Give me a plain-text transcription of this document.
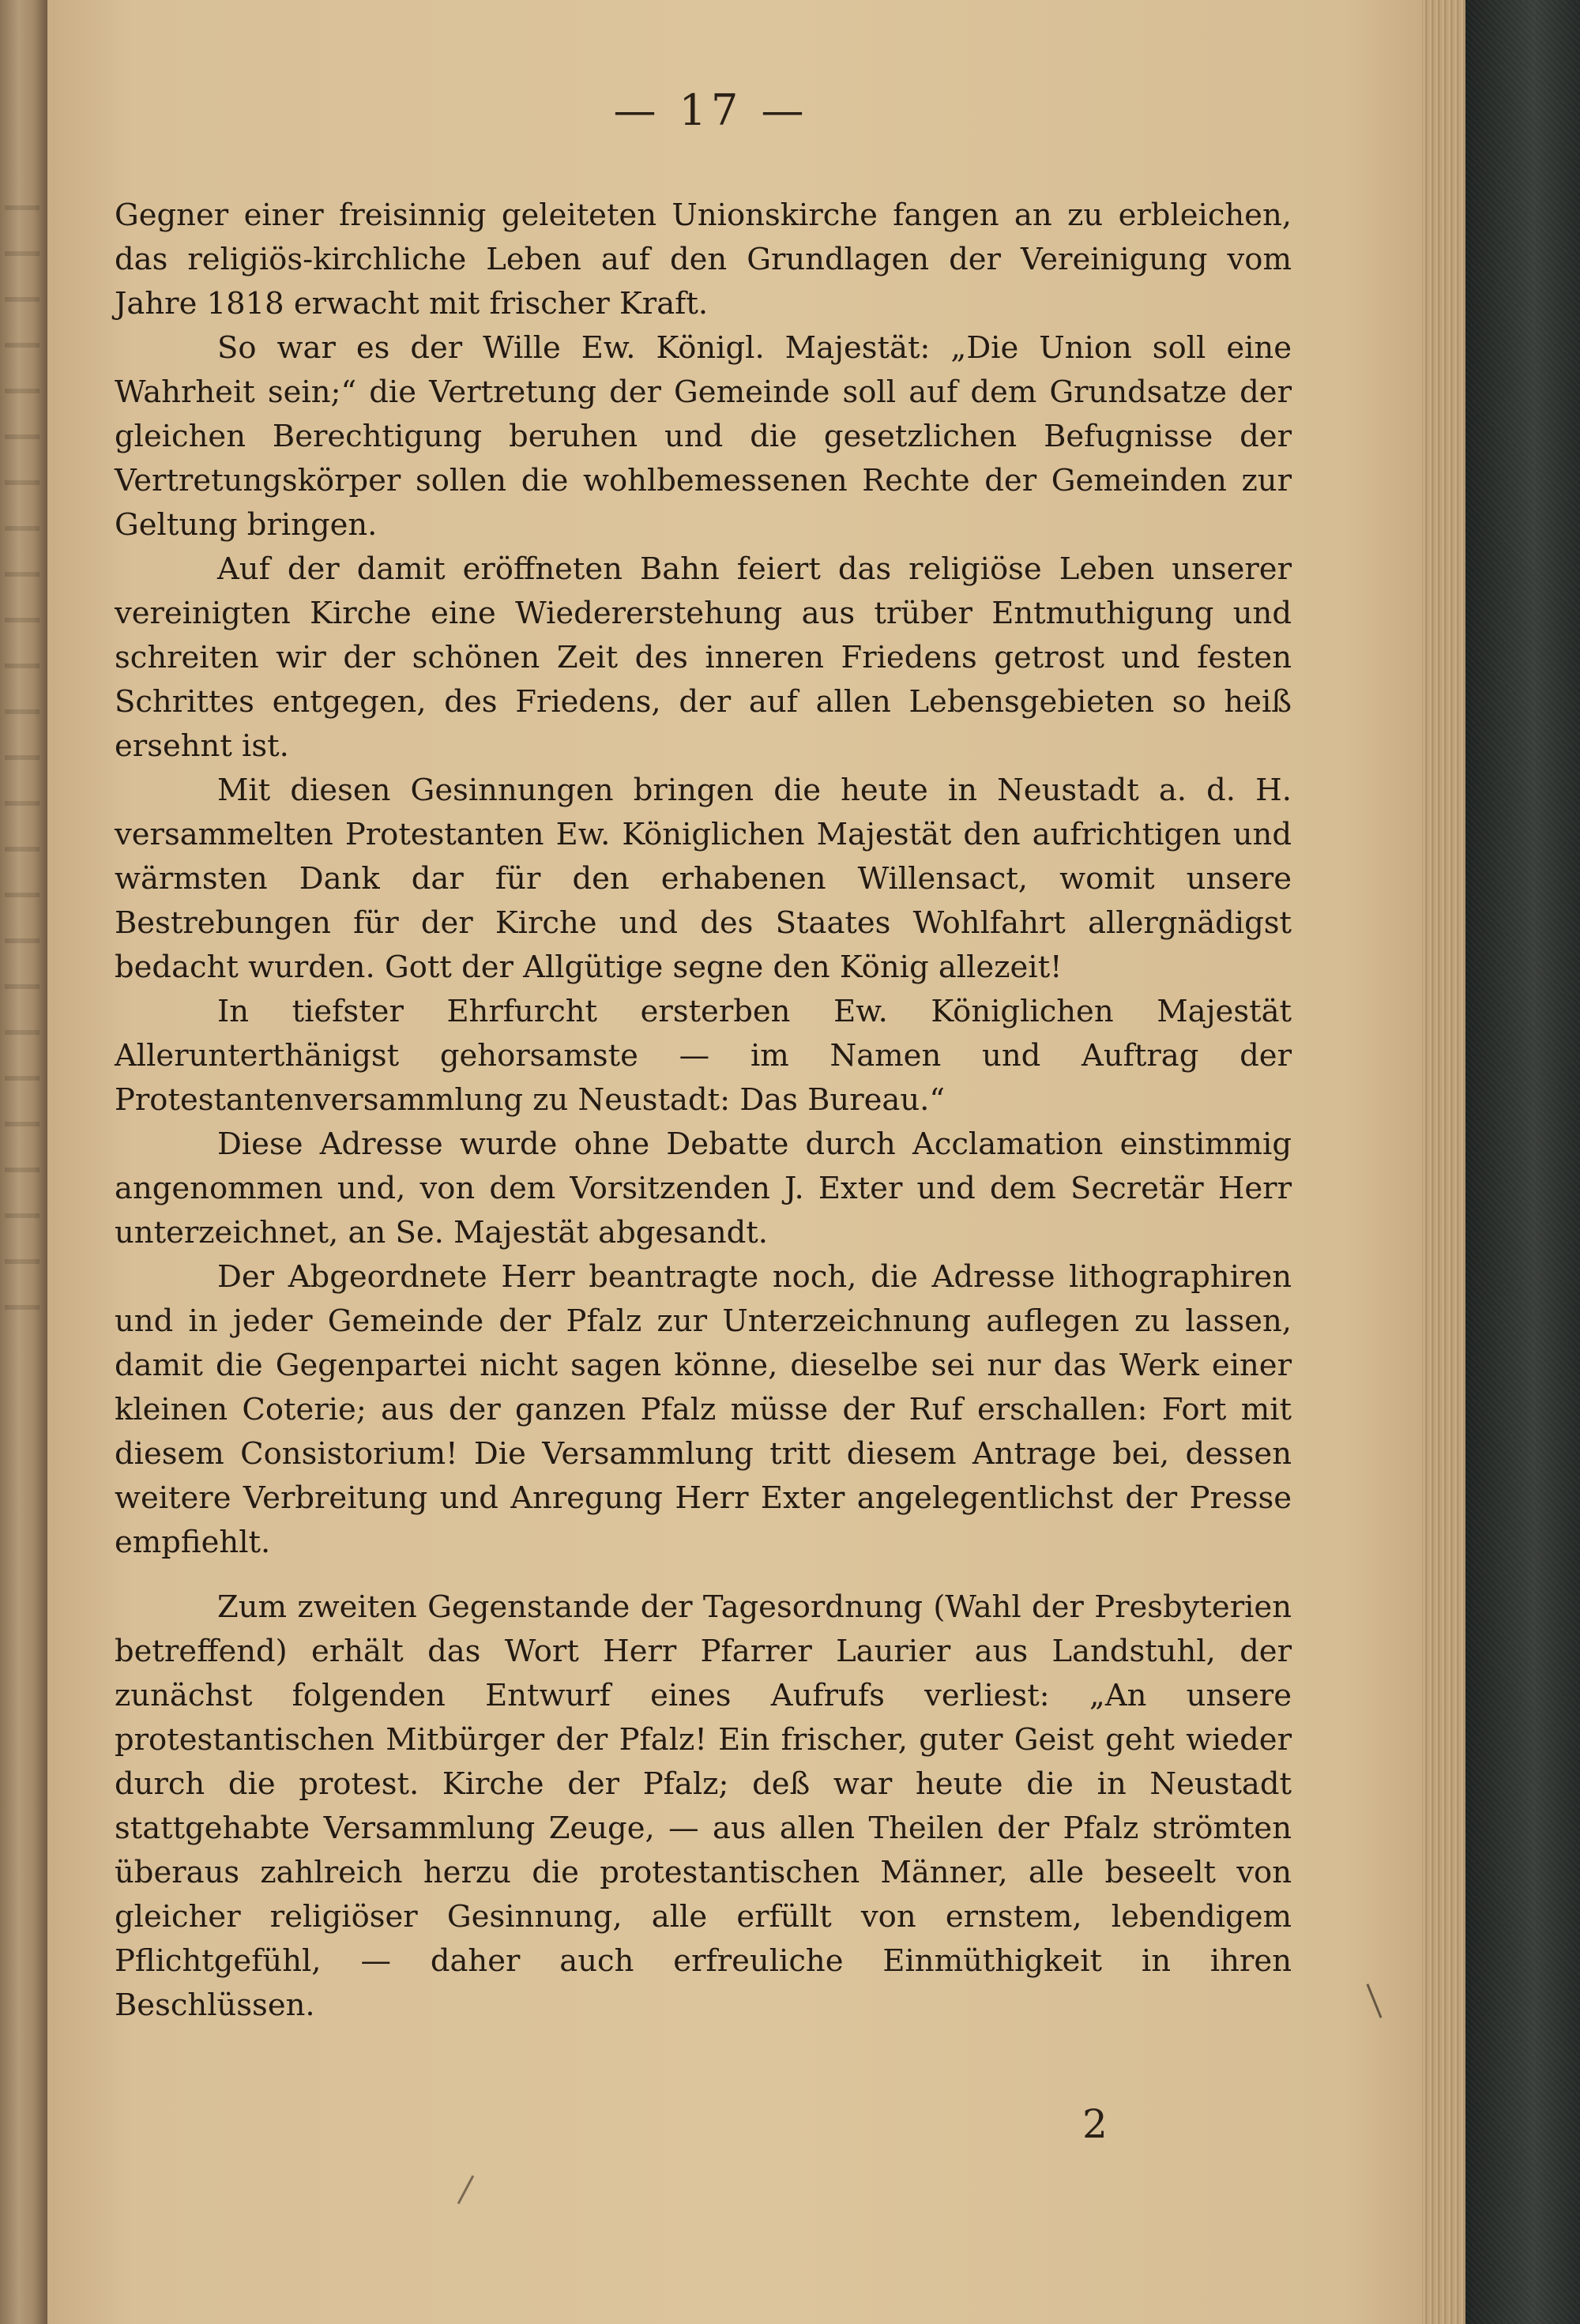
— 17 —

Gegner einer freisinnig geleiteten Unionskirche fangen an zu erbleichen, das religiös-kirchliche Leben auf den Grundlagen der Vereinigung vom Jahre 1818 erwacht mit frischer Kraft.

So war es der Wille Ew. Königl. Majestät: „Die Union soll eine Wahrheit sein;“ die Vertretung der Gemeinde soll auf dem Grundsatze der gleichen Berechtigung beruhen und die gesetzlichen Befugnisse der Vertretungskörper sollen die wohlbemessenen Rechte der Gemeinden zur Geltung bringen.

Auf der damit eröffneten Bahn feiert das religiöse Leben unserer vereinigten Kirche eine Wiedererstehung aus trüber Entmuthigung und schreiten wir der schönen Zeit des inneren Friedens getrost und festen Schrittes entgegen, des Friedens, der auf allen Lebensgebieten so heiß ersehnt ist.

Mit diesen Gesinnungen bringen die heute in Neustadt a. d. H. versammelten Protestanten Ew. Königlichen Majestät den aufrichtigen und wärmsten Dank dar für den erhabenen Willensact, womit unsere Bestrebungen für der Kirche und des Staates Wohlfahrt allergnädigst bedacht wurden. Gott der Allgütige segne den König allezeit!

In tiefster Ehrfurcht ersterben Ew. Königlichen Majestät Allerunterthänigst gehorsamste — im Namen und Auftrag der Protestantenversammlung zu Neustadt: Das Bureau.“

Diese Adresse wurde ohne Debatte durch Acclamation einstimmig angenommen und, von dem Vorsitzenden J. Exter und dem Secretär Herr unterzeichnet, an Se. Majestät abgesandt.

Der Abgeordnete Herr beantragte noch, die Adresse lithographiren und in jeder Gemeinde der Pfalz zur Unterzeichnung auflegen zu lassen, damit die Gegenpartei nicht sagen könne, dieselbe sei nur das Werk einer kleinen Coterie; aus der ganzen Pfalz müsse der Ruf erschallen: Fort mit diesem Consistorium! Die Versammlung tritt diesem Antrage bei, dessen weitere Verbreitung und Anregung Herr Exter angelegentlichst der Presse empfiehlt.

Zum zweiten Gegenstande der Tagesordnung (Wahl der Presbyterien betreffend) erhält das Wort Herr Pfarrer Laurier aus Landstuhl, der zunächst folgenden Entwurf eines Aufrufs verliest: „An unsere protestantischen Mitbürger der Pfalz! Ein frischer, guter Geist geht wieder durch die protest. Kirche der Pfalz; deß war heute die in Neustadt stattgehabte Versammlung Zeuge, — aus allen Theilen der Pfalz strömten überaus zahlreich herzu die protestantischen Männer, alle beseelt von gleicher religiöser Gesinnung, alle erfüllt von ernstem, lebendigem Pflichtgefühl, — daher auch erfreuliche Einmüthigkeit in ihren Beschlüssen.

2
